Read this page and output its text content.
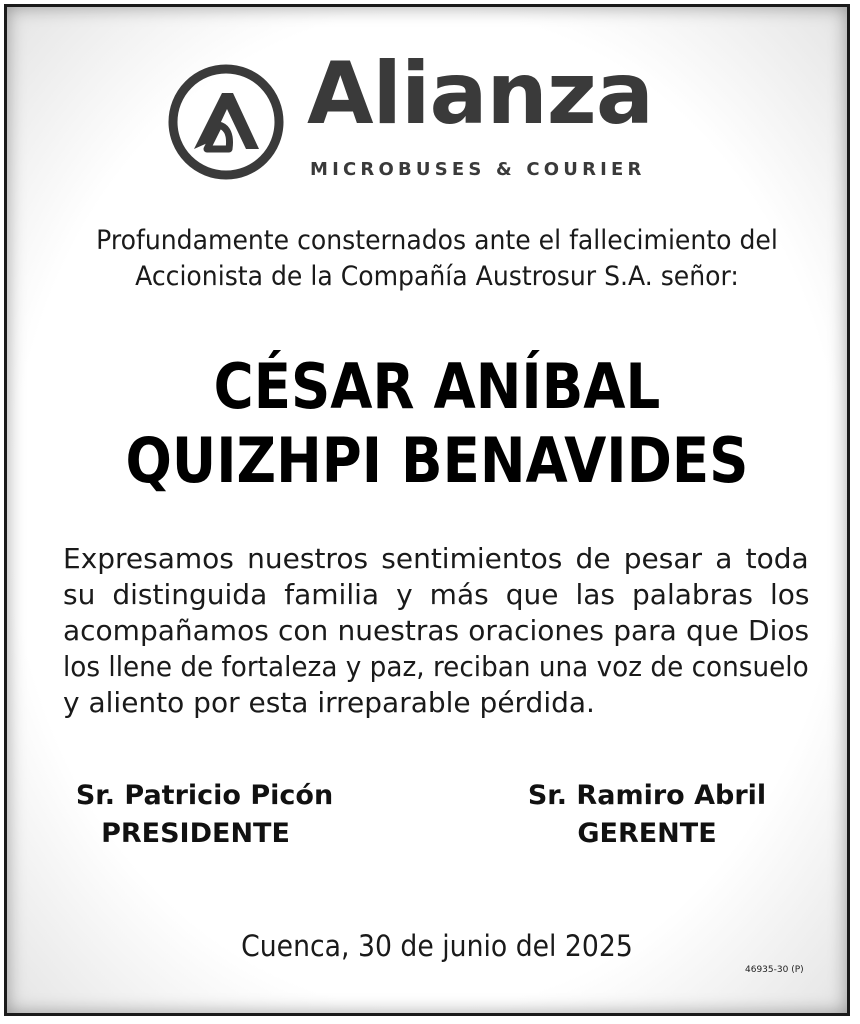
Alianza
MICROBUSES & COURIER
Profundamente consternados ante el fallecimiento del
Accionista de la Compañía Austrosur S.A. señor:
CÉSAR ANÍBAL
QUIZHPI BENAVIDES
Expresamos nuestros sentimientos de pesar a toda
su distinguida familia y más que las palabras los
acompañamos con nuestras oraciones para que Dios
los llene de fortaleza y paz, reciban una voz de consuelo
y aliento por esta irreparable pérdida.
Sr. Patricio Picón
PRESIDENTE
Sr. Ramiro Abril
GERENTE
Cuenca, 30 de junio del 2025
46935-30 (P)
